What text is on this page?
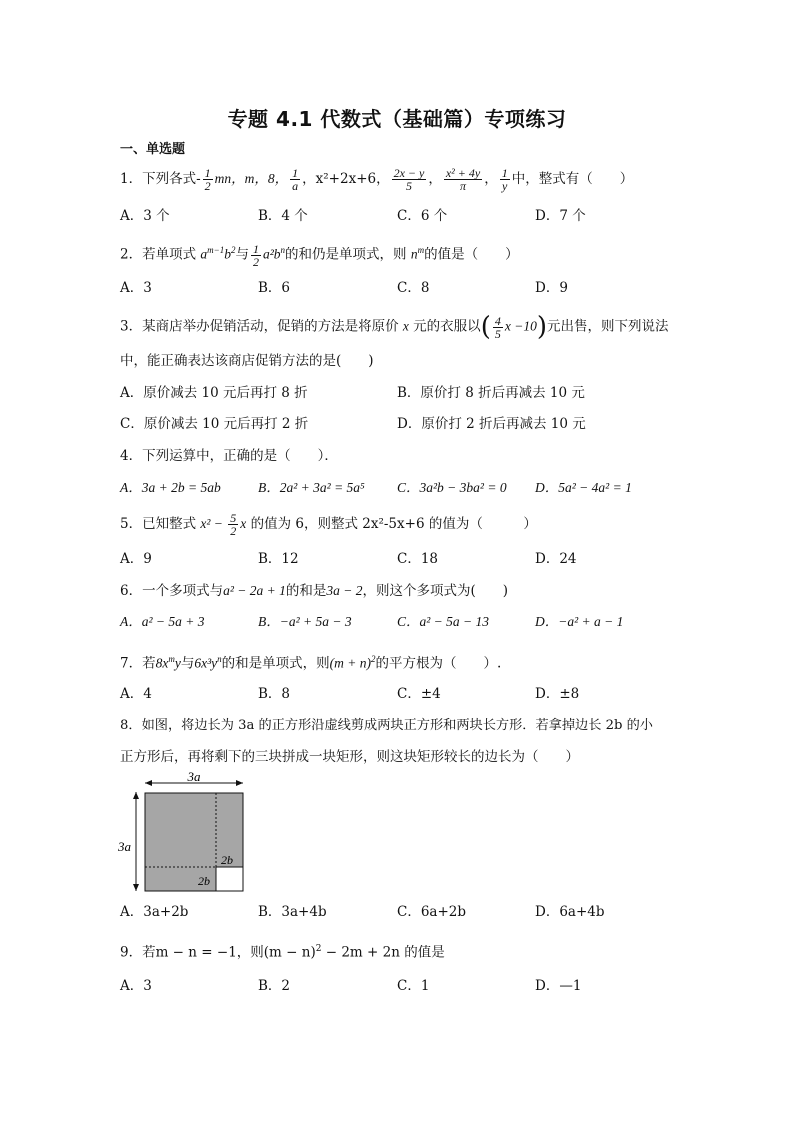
专题 4.1 代数式（基础篇）专项练习
一、单选题
1．下列各式- $\frac{1}{2}$ mn，m，8， $\frac{1}{a}$ ，x²+2x+6， $\frac{2x - y}{5}$ ， $\frac{\text{x² + 4y}}{\pi}$ ， $\frac{1}{y}$ 中，整式有（　　）
A．3 个	B．4 个	C．6 个	D．7 个
2．若单项式 $a^{m-1}b^2$与 $\frac{1}{2} a^2b^n$的和仍是单项式，则 $n^m$的值是（　　）
A．3	B．6	C．8	D．9
3．某商店举办促销活动，促销的方法是将原价 x 元的衣服以( $\frac{4}{5}$ x −10)元出售，则下列说法
中，能正确表达该商店促销方法的是(　　)
A．原价减去 10 元后再打 8 折	B．原价打 8 折后再减去 10 元
C．原价减去 10 元后再打 2 折	D．原价打 2 折后再减去 10 元
4．下列运算中，正确的是（　　）．
A．3a + 2b = 5ab	B．2a² + 3a² = 5a⁵ C．3a²b − 3ba² = 0 D．5a² − 4a² = 1
5．已知整式 $x^2 - \frac{5}{2}$ x 的值为 6，则整式 2x²-5x+6 的值为（　　　）
A．9	B．12	C．18	D．24
6．一个多项式与a² − 2a + 1的和是3a − 2，则这个多项式为(　　)
A．a² − 5a + 3	B．−a² + 5a − 3	C．a² − 5a − 13	D．−a² + a − 1
7．若$8x^my$与$6x^3y^n$的和是单项式，则$(m + n)^2$的平方根为（　　）.
A．4	B．8	C．±4	D．±8
8．如图，将边长为 3a 的正方形沿虚线剪成两块正方形和两块长方形．若拿掉边长 2b 的小
正方形后，再将剩下的三块拼成一块矩形，则这块矩形较长的边长为（　　）
3a
3a
2b
2b
A．3a+2b	B．3a+4b	C．6a+2b	D．6a+4b
9．若m − n = −1，则$(m - n)^2 - 2m + 2n$ 的值是
A．3	B．2	C．1	D．—1
